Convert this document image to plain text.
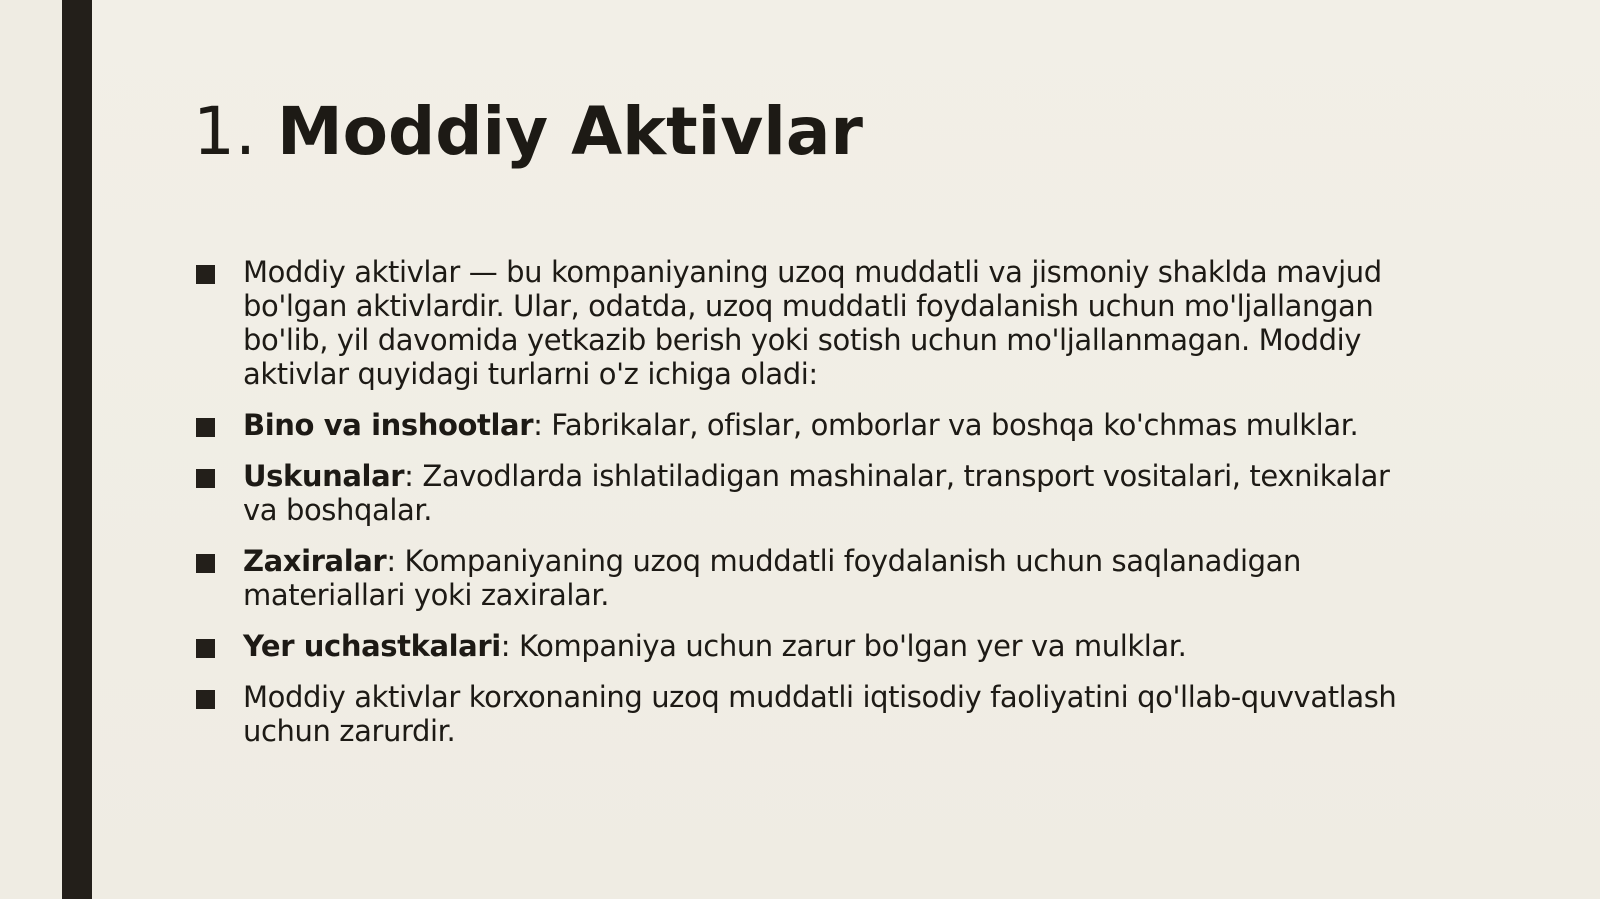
1. Moddiy Aktivlar
Moddiy aktivlar — bu kompaniyaning uzoq muddatli va jismoniy shaklda mavjud bo'lgan aktivlardir. Ular, odatda, uzoq muddatli foydalanish uchun mo'ljallangan bo'lib, yil davomida yetkazib berish yoki sotish uchun mo'ljallanmagan. Moddiy aktivlar quyidagi turlarni o'z ichiga oladi:
Bino va inshootlar: Fabrikalar, ofislar, omborlar va boshqa ko'chmas mulklar.
Uskunalar: Zavodlarda ishlatiladigan mashinalar, transport vositalari, texnikalar va boshqalar.
Zaxiralar: Kompaniyaning uzoq muddatli foydalanish uchun saqlanadigan materiallari yoki zaxiralar.
Yer uchastkalari: Kompaniya uchun zarur bo'lgan yer va mulklar.
Moddiy aktivlar korxonaning uzoq muddatli iqtisodiy faoliyatini qo'llab-quvvatlash uchun zarurdir.
